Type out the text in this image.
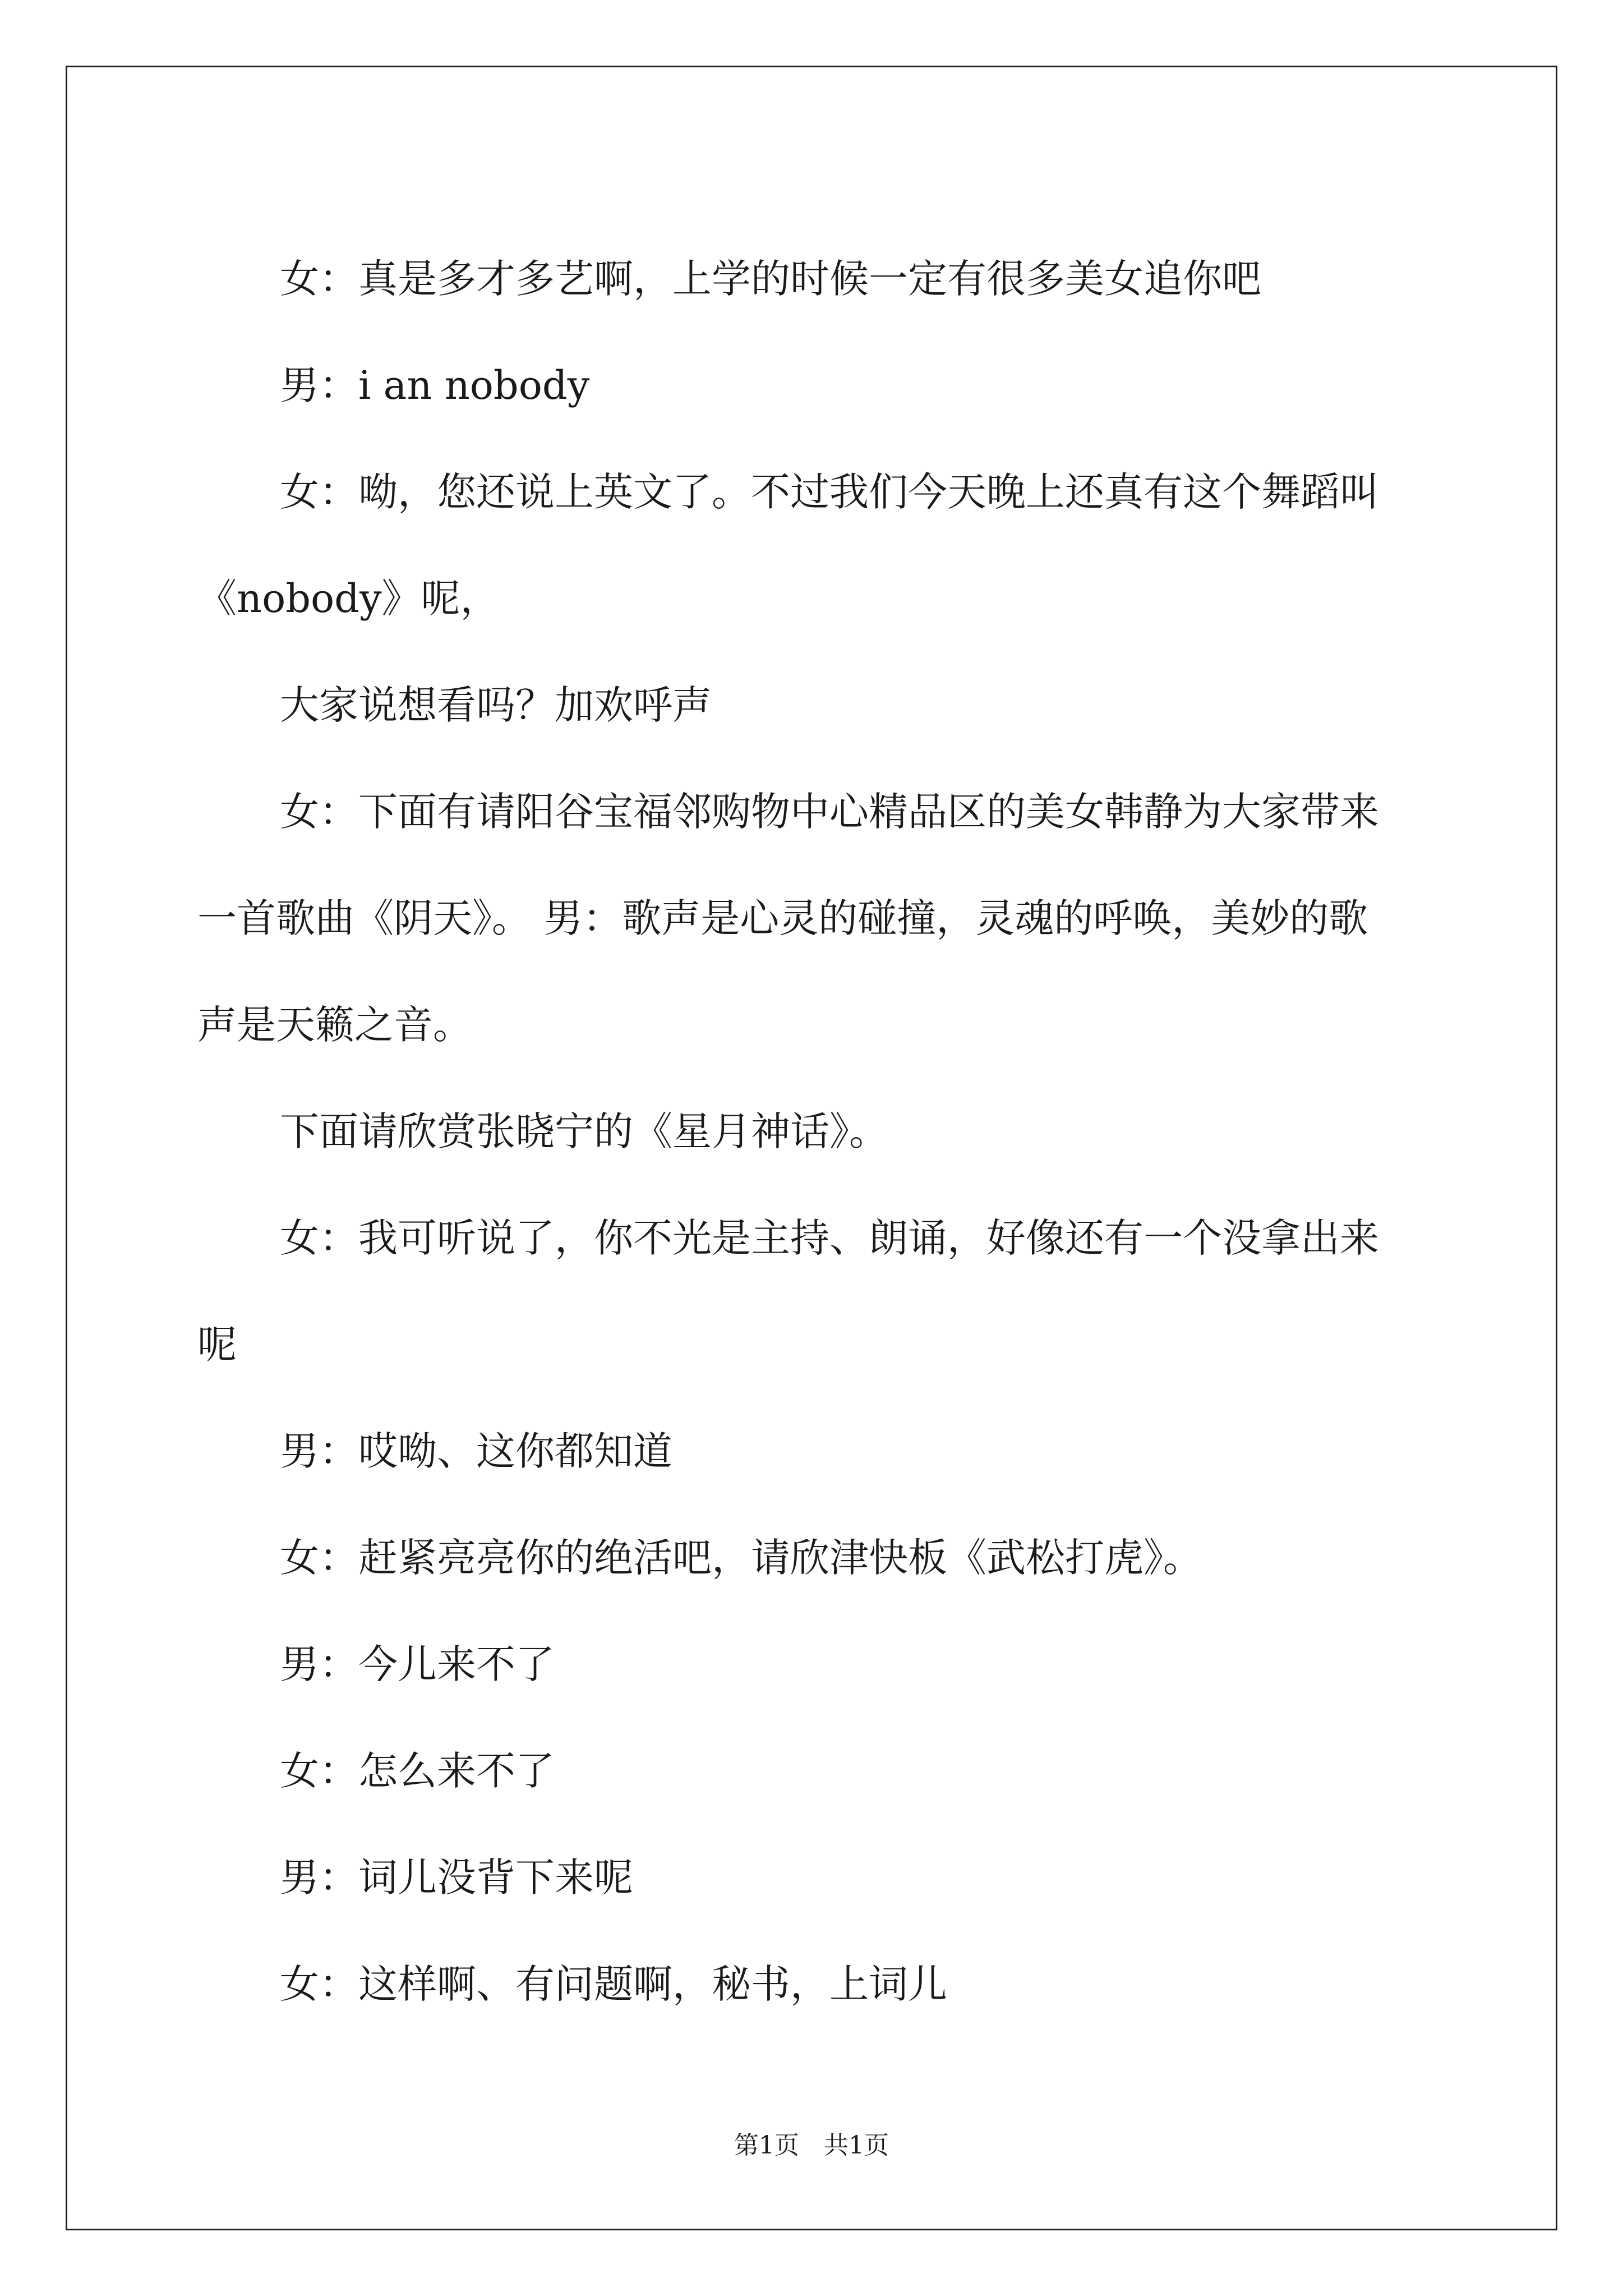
女：真是多才多艺啊，上学的时候一定有很多美女追你吧

男：i an nobody

女：呦，您还说上英文了。不过我们今天晚上还真有这个舞蹈叫
《nobody》呢，

大家说想看吗？加欢呼声

女：下面有请阳谷宝福邻购物中心精品区的美女韩静为大家带来
一首歌曲《阴天》。 男：歌声是心灵的碰撞，灵魂的呼唤，美妙的歌
声是天籁之音。

下面请欣赏张晓宁的《星月神话》。

女：我可听说了，你不光是主持、朗诵，好像还有一个没拿出来
呢

男：哎呦、这你都知道

女：赶紧亮亮你的绝活吧，请欣津快板《武松打虎》。

男：今儿来不了

女：怎么来不了

男：词儿没背下来呢

女：这样啊、有问题啊，秘书，上词儿

第1页　共1页
